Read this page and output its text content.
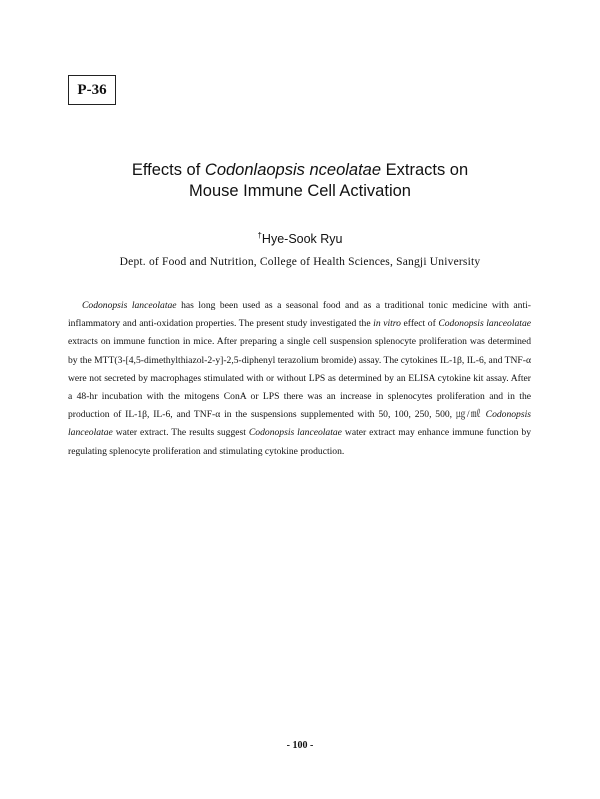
P-36
Effects of Codonlaopsis nceolatae Extracts on
Mouse Immune Cell Activation
†Hye-Sook Ryu
Dept. of Food and Nutrition, College of Health Sciences, Sangji University

Codonopsis lanceolatae has long been used as a seasonal food and as a traditional tonic medicine with anti-inflammatory and anti-oxidation properties. The present study investigated the in vitro effect of Codonopsis lanceolatae extracts on immune function in mice. After preparing a single cell suspension splenocyte proliferation was determined by the MTT(3-[4,5-dimethylthiazol-2-y]-2,5-diphenyl terazolium bromide) assay. The cytokines IL-1β, IL-6, and TNF-α were not secreted by macrophages stimulated with or without LPS as determined by an ELISA cytokine kit assay. After a 48-hr incubation with the mitogens ConA or LPS there was an increase in splenocytes proliferation and in the production of IL-1β, IL-6, and TNF-α in the suspensions supplemented with 50, 100, 250, 500, ㎍/㎖ Codonopsis lanceolatae water extract. The results suggest Codonopsis lanceolatae water extract may enhance immune function by regulating splenocyte proliferation and stimulating cytokine production.

- 100 -
